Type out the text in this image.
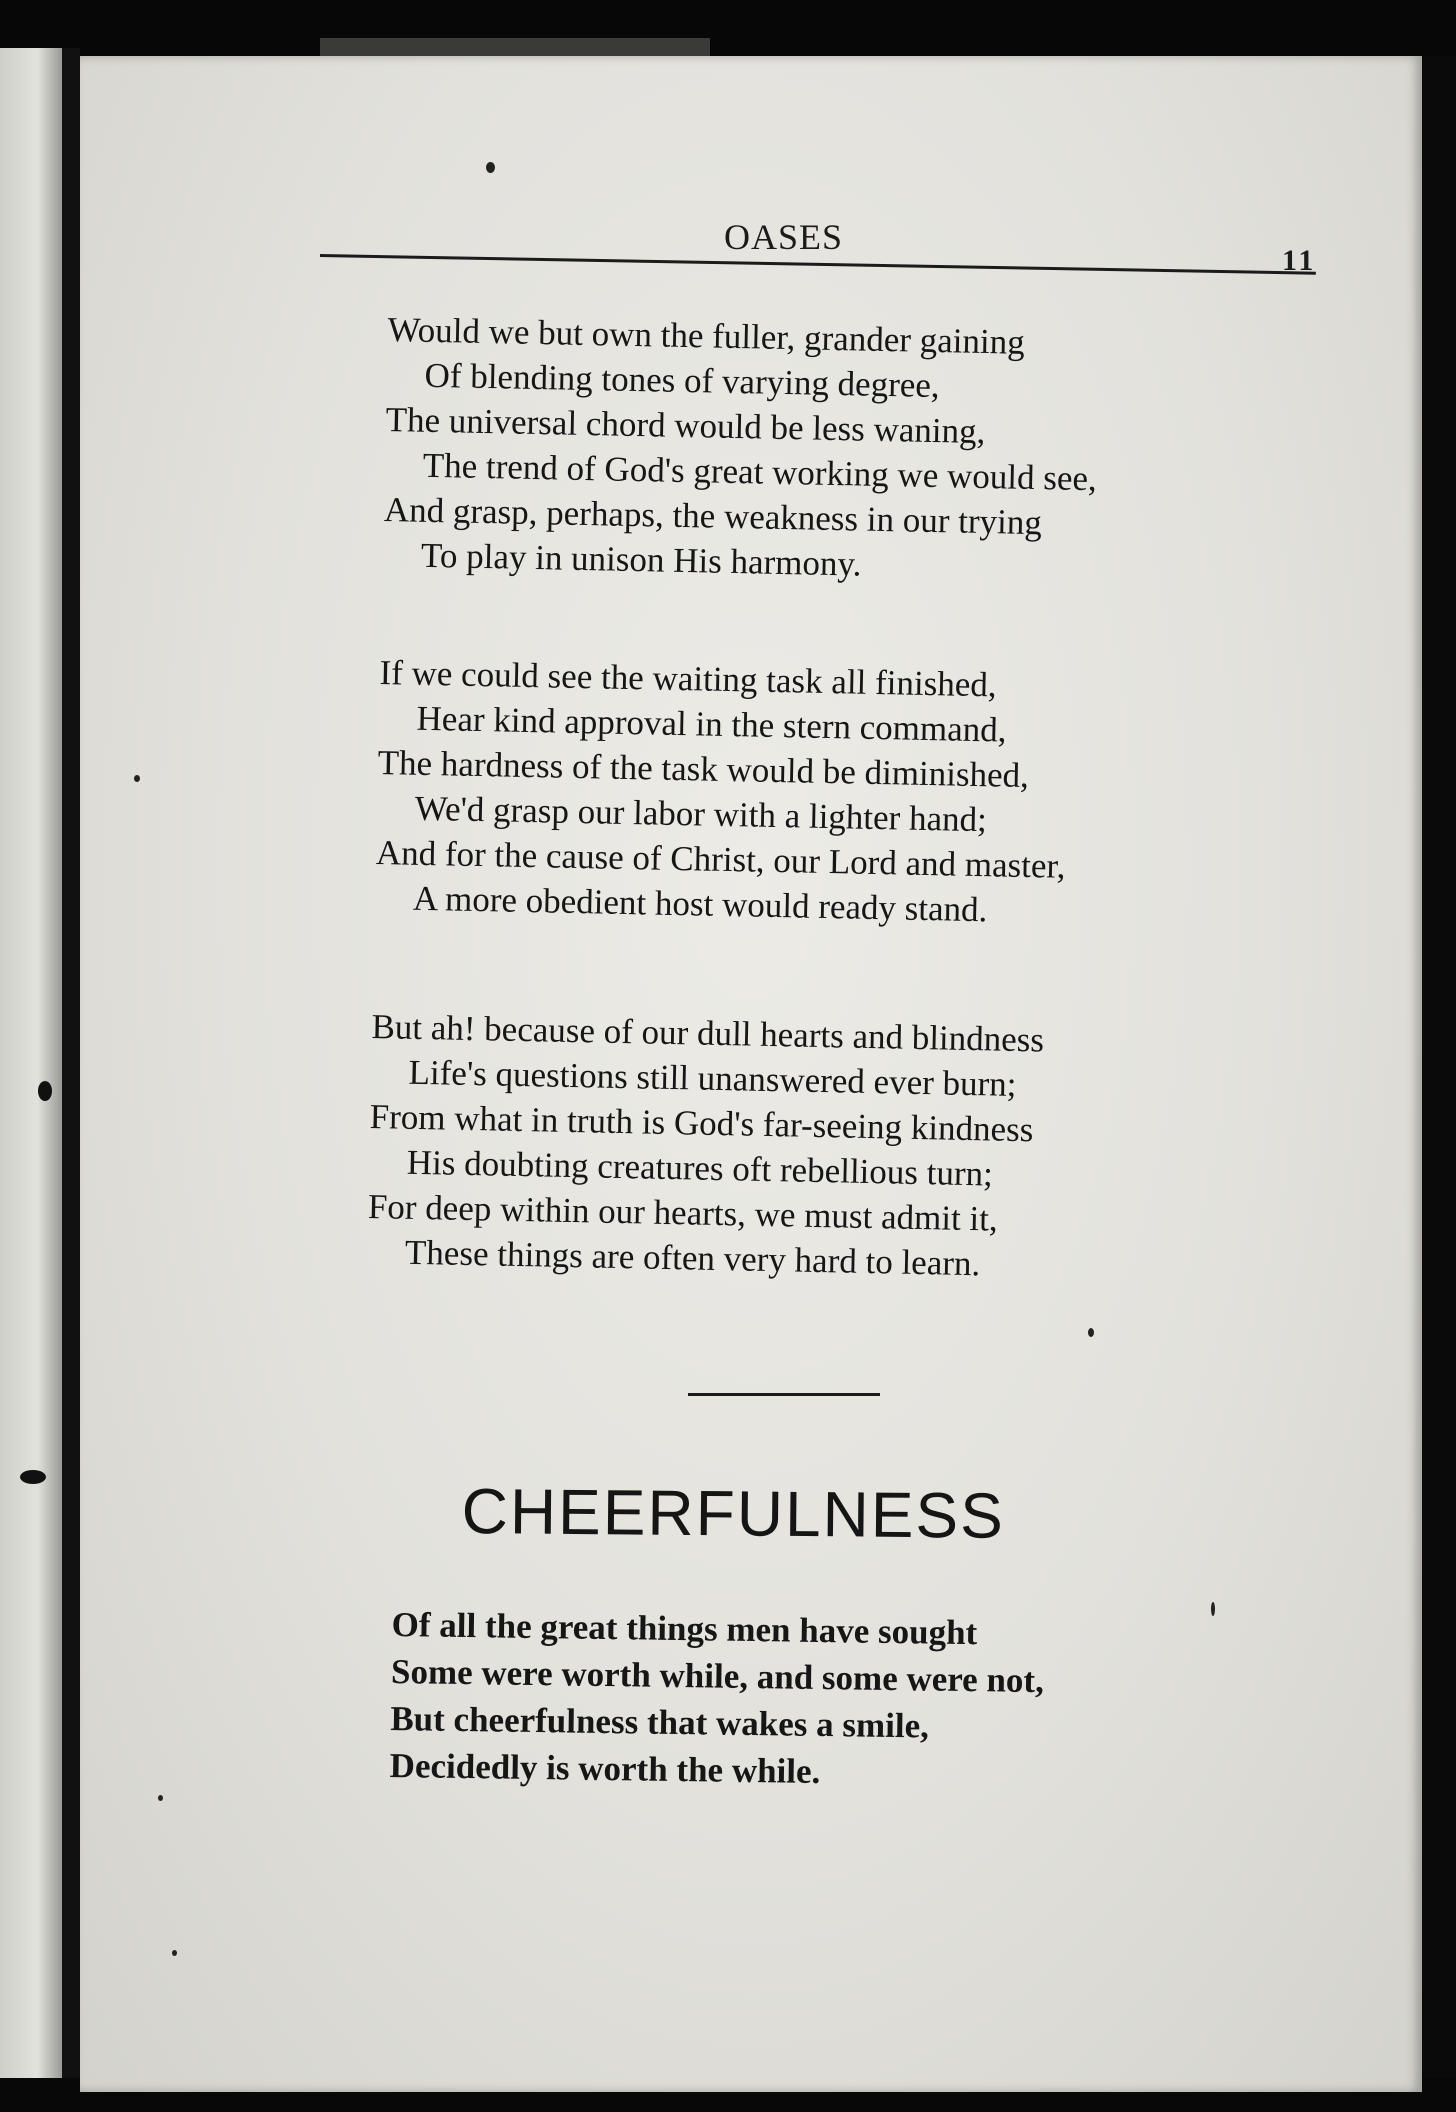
OASES
11
Would we but own the fuller, grander gaining
Of blending tones of varying degree,
The universal chord would be less waning,
The trend of God's great working we would see,
And grasp, perhaps, the weakness in our trying
To play in unison His harmony.
If we could see the waiting task all finished,
Hear kind approval in the stern command,
The hardness of the task would be diminished,
We'd grasp our labor with a lighter hand;
And for the cause of Christ, our Lord and master,
A more obedient host would ready stand.
But ah! because of our dull hearts and blindness
Life's questions still unanswered ever burn;
From what in truth is God's far-seeing kindness
His doubting creatures oft rebellious turn;
For deep within our hearts, we must admit it,
These things are often very hard to learn.
CHEERFULNESS
Of all the great things men have sought
Some were worth while, and some were not,
But cheerfulness that wakes a smile,
Decidedly is worth the while.
